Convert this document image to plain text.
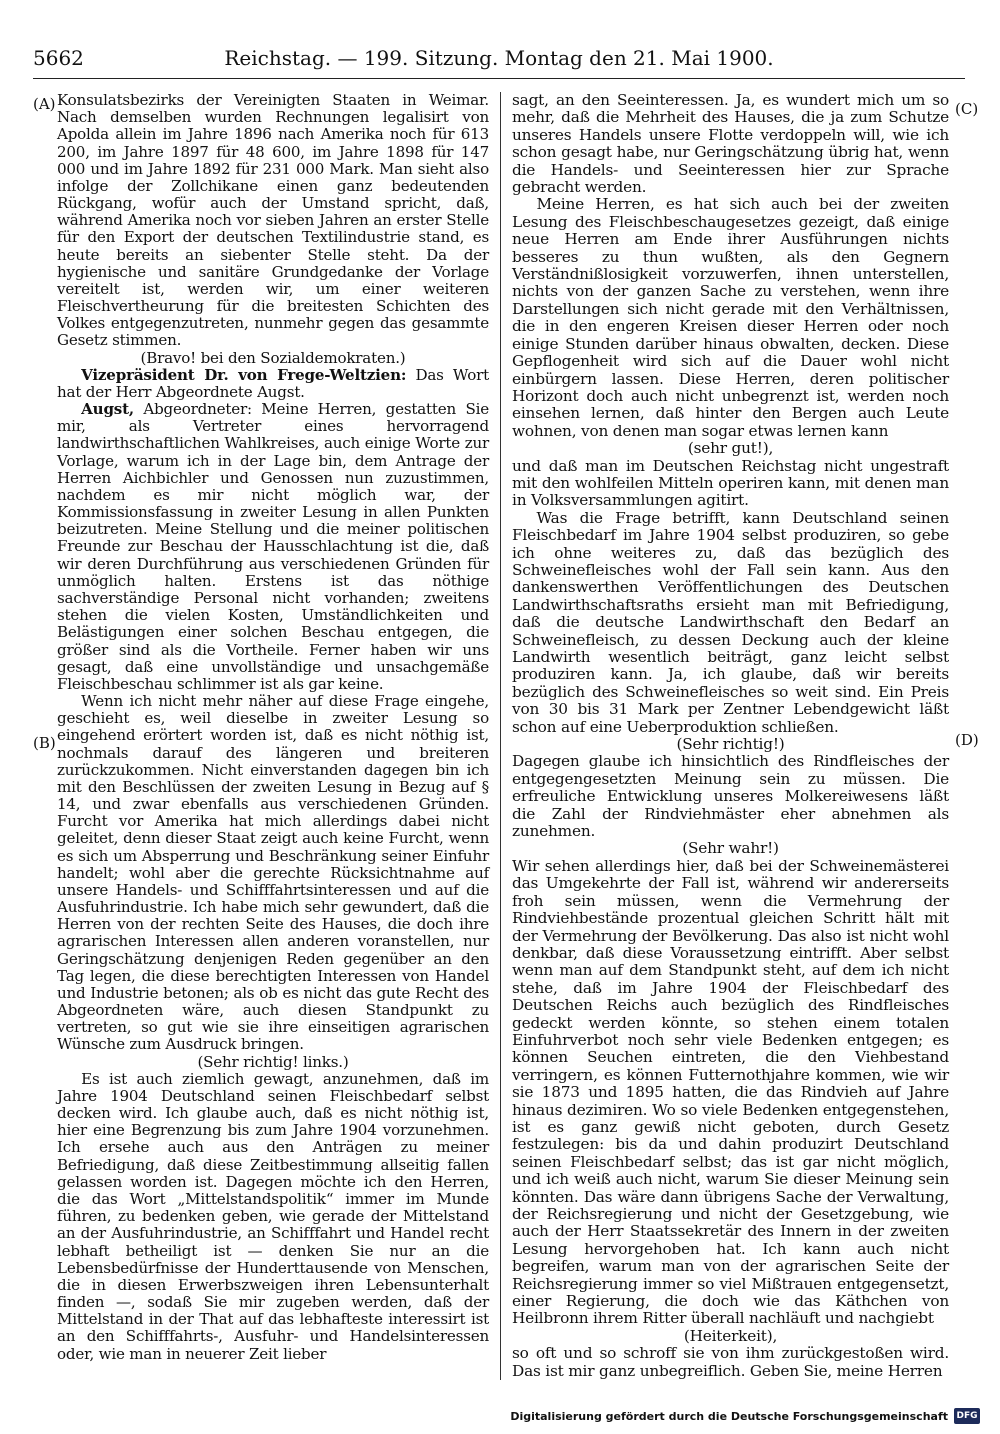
5662	Reichstag. — 199. Sitzung. Montag den 21. Mai 1900.
(A)
(B)
(C)
(D)

Konsulatsbezirks der Vereinigten Staaten in Weimar. Nach demselben wurden Rechnungen legalisirt von Apolda allein im Jahre 1896 nach Amerika noch für 613 200, im Jahre 1897 für 48 600, im Jahre 1898 für 147 000 und im Jahre 1892 für 231 000 Mark. Man sieht also infolge der Zollchikane einen ganz bedeutenden Rückgang, wofür auch der Umstand spricht, daß, während Amerika noch vor sieben Jahren an erster Stelle für den Export der deutschen Textilindustrie stand, es heute bereits an siebenter Stelle steht. Da der hygienische und sanitäre Grundgedanke der Vorlage vereitelt ist, werden wir, um einer weiteren Fleischvertheurung für die breitesten Schichten des Volkes entgegenzutreten, nunmehr gegen das gesammte Gesetz stimmen.

(Bravo! bei den Sozialdemokraten.)

Vizepräsident Dr. von Frege-Weltzien: Das Wort hat der Herr Abgeordnete Augst.

Augst, Abgeordneter: Meine Herren, gestatten Sie mir, als Vertreter eines hervorragend landwirthschaftlichen Wahlkreises, auch einige Worte zur Vorlage, warum ich in der Lage bin, dem Antrage der Herren Aichbichler und Genossen nun zuzustimmen, nachdem es mir nicht möglich war, der Kommissionsfassung in zweiter Lesung in allen Punkten beizutreten. Meine Stellung und die meiner politischen Freunde zur Beschau der Hausschlachtung ist die, daß wir deren Durchführung aus verschiedenen Gründen für unmöglich halten. Erstens ist das nöthige sachverständige Personal nicht vorhanden; zweitens stehen die vielen Kosten, Umständlichkeiten und Belästigungen einer solchen Beschau entgegen, die größer sind als die Vortheile. Ferner haben wir uns gesagt, daß eine unvollständige und unsachgemäße Fleischbeschau schlimmer ist als gar keine.

Wenn ich nicht mehr näher auf diese Frage eingehe, geschieht es, weil dieselbe in zweiter Lesung so eingehend erörtert worden ist, daß es nicht nöthig ist, nochmals darauf des längeren und breiteren zurückzukommen. Nicht einverstanden dagegen bin ich mit den Beschlüssen der zweiten Lesung in Bezug auf § 14, und zwar ebenfalls aus verschiedenen Gründen. Furcht vor Amerika hat mich allerdings dabei nicht geleitet, denn dieser Staat zeigt auch keine Furcht, wenn es sich um Absperrung und Beschränkung seiner Einfuhr handelt; wohl aber die gerechte Rücksichtnahme auf unsere Handels- und Schifffahrtsinteressen und auf die Ausfuhrindustrie. Ich habe mich sehr gewundert, daß die Herren von der rechten Seite des Hauses, die doch ihre agrarischen Interessen allen anderen voranstellen, nur Geringschätzung denjenigen Reden gegenüber an den Tag legen, die diese berechtigten Interessen von Handel und Industrie betonen; als ob es nicht das gute Recht des Abgeordneten wäre, auch diesen Standpunkt zu vertreten, so gut wie sie ihre einseitigen agrarischen Wünsche zum Ausdruck bringen.

(Sehr richtig! links.)

Es ist auch ziemlich gewagt, anzunehmen, daß im Jahre 1904 Deutschland seinen Fleischbedarf selbst decken wird. Ich glaube auch, daß es nicht nöthig ist, hier eine Begrenzung bis zum Jahre 1904 vorzunehmen. Ich ersehe auch aus den Anträgen zu meiner Befriedigung, daß diese Zeitbestimmung allseitig fallen gelassen worden ist. Dagegen möchte ich den Herren, die das Wort „Mittelstandspolitik“ immer im Munde führen, zu bedenken geben, wie gerade der Mittelstand an der Ausfuhrindustrie, an Schifffahrt und Handel recht lebhaft betheiligt ist — denken Sie nur an die Lebensbedürfnisse der Hunderttausende von Menschen, die in diesen Erwerbszweigen ihren Lebensunterhalt finden —, sodaß Sie mir zugeben werden, daß der Mittelstand in der That auf das lebhafteste interessirt ist an den Schifffahrts-, Ausfuhr- und Handelsinteressen oder, wie man in neuerer Zeit lieber

sagt, an den Seeinteressen. Ja, es wundert mich um so mehr, daß die Mehrheit des Hauses, die ja zum Schutze unseres Handels unsere Flotte verdoppeln will, wie ich schon gesagt habe, nur Geringschätzung übrig hat, wenn die Handels- und Seeinteressen hier zur Sprache gebracht werden.

Meine Herren, es hat sich auch bei der zweiten Lesung des Fleischbeschaugesetzes gezeigt, daß einige neue Herren am Ende ihrer Ausführungen nichts besseres zu thun wußten, als den Gegnern Verständnißlosigkeit vorzuwerfen, ihnen unterstellen, nichts von der ganzen Sache zu verstehen, wenn ihre Darstellungen sich nicht gerade mit den Verhältnissen, die in den engeren Kreisen dieser Herren oder noch einige Stunden darüber hinaus obwalten, decken. Diese Gepflogenheit wird sich auf die Dauer wohl nicht einbürgern lassen. Diese Herren, deren politischer Horizont doch auch nicht unbegrenzt ist, werden noch einsehen lernen, daß hinter den Bergen auch Leute wohnen, von denen man sogar etwas lernen kann

(sehr gut!),

und daß man im Deutschen Reichstag nicht ungestraft mit den wohlfeilen Mitteln operiren kann, mit denen man in Volksversammlungen agitirt.

Was die Frage betrifft, kann Deutschland seinen Fleischbedarf im Jahre 1904 selbst produziren, so gebe ich ohne weiteres zu, daß das bezüglich des Schweinefleisches wohl der Fall sein kann. Aus den dankenswerthen Veröffentlichungen des Deutschen Landwirthschaftsraths ersieht man mit Befriedigung, daß die deutsche Landwirthschaft den Bedarf an Schweinefleisch, zu dessen Deckung auch der kleine Landwirth wesentlich beiträgt, ganz leicht selbst produziren kann. Ja, ich glaube, daß wir bereits bezüglich des Schweinefleisches so weit sind. Ein Preis von 30 bis 31 Mark per Zentner Lebendgewicht läßt schon auf eine Ueberproduktion schließen.

(Sehr richtig!)

Dagegen glaube ich hinsichtlich des Rindfleisches der entgegengesetzten Meinung sein zu müssen. Die erfreuliche Entwicklung unseres Molkereiwesens läßt die Zahl der Rindviehmäster eher abnehmen als zunehmen.

(Sehr wahr!)

Wir sehen allerdings hier, daß bei der Schweinemästerei das Umgekehrte der Fall ist, während wir andererseits froh sein müssen, wenn die Vermehrung der Rindviehbestände prozentual gleichen Schritt hält mit der Vermehrung der Bevölkerung. Das also ist nicht wohl denkbar, daß diese Voraussetzung eintrifft. Aber selbst wenn man auf dem Standpunkt steht, auf dem ich nicht stehe, daß im Jahre 1904 der Fleischbedarf des Deutschen Reichs auch bezüglich des Rindfleisches gedeckt werden könnte, so stehen einem totalen Einfuhrverbot noch sehr viele Bedenken entgegen; es können Seuchen eintreten, die den Viehbestand verringern, es können Futternothjahre kommen, wie wir sie 1873 und 1895 hatten, die das Rindvieh auf Jahre hinaus dezimiren. Wo so viele Bedenken entgegenstehen, ist es ganz gewiß nicht geboten, durch Gesetz festzulegen: bis da und dahin produzirt Deutschland seinen Fleischbedarf selbst; das ist gar nicht möglich, und ich weiß auch nicht, warum Sie dieser Meinung sein könnten. Das wäre dann übrigens Sache der Verwaltung, der Reichsregierung und nicht der Gesetzgebung, wie auch der Herr Staatssekretär des Innern in der zweiten Lesung hervorgehoben hat. Ich kann auch nicht begreifen, warum man von der agrarischen Seite der Reichsregierung immer so viel Mißtrauen entgegensetzt, einer Regierung, die doch wie das Käthchen von Heilbronn ihrem Ritter überall nachläuft und nachgiebt

(Heiterkeit),

so oft und so schroff sie von ihm zurückgestoßen wird. Das ist mir ganz unbegreiflich. Geben Sie, meine Herren

Digitalisierung gefördert durch die Deutsche Forschungsgemeinschaft DFG
